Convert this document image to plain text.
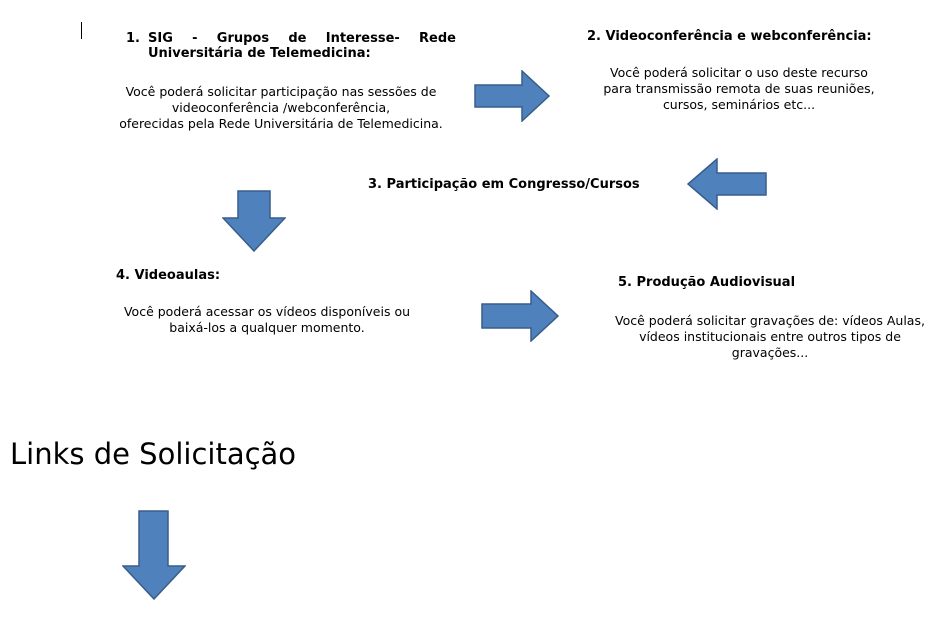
1. SIG - Grupos de Interesse- Rede
Universitária de Telemedicina:
Você poderá solicitar participação nas sessões de
videoconferência /webconferência,
oferecidas pela Rede Universitária de Telemedicina.
2. Videoconferência e webconferência:
Você poderá solicitar o uso deste recurso
para transmissão remota de suas reuniões,
cursos, seminários etc...
3. Participação em Congresso/Cursos
4. Videoaulas:
Você poderá acessar os vídeos disponíveis ou
baixá-los a qualquer momento.
5. Produção Audiovisual
Você poderá solicitar gravações de: vídeos Aulas,
vídeos institucionais entre outros tipos de
gravações...
Links de Solicitação
